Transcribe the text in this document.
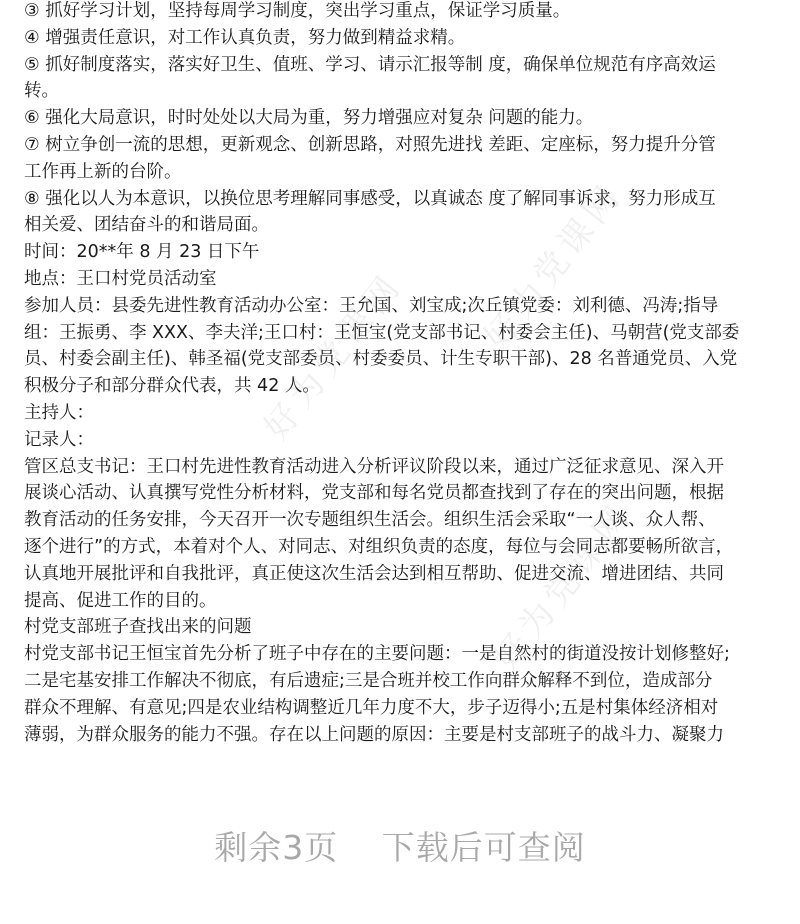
好为党课网 好为党课网
好为党课网
③ 抓好学习计划，坚持每周学习制度，突出学习重点，保证学习质量。
④ 增强责任意识，对工作认真负责，努力做到精益求精。
⑤ 抓好制度落实，落实好卫生、值班、学习、请示汇报等制 度，确保单位规范有序高效运
转。
⑥ 强化大局意识，时时处处以大局为重，努力增强应对复杂 问题的能力。
⑦ 树立争创一流的思想，更新观念、创新思路，对照先进找 差距、定座标，努力提升分管
工作再上新的台阶。
⑧ 强化以人为本意识，以换位思考理解同事感受，以真诚态 度了解同事诉求，努力形成互
相关爱、团结奋斗的和谐局面。
时间：20**年 8 月 23 日下午
地点：王口村党员活动室
参加人员：县委先进性教育活动办公室：王允国、刘宝成;次丘镇党委：刘利德、冯涛;指导
组：王振勇、李 XXX、李夫洋;王口村：王恒宝(党支部书记、村委会主任)、马朝营(党支部委
员、村委会副主任)、韩圣福(党支部委员、村委委员、计生专职干部)、28 名普通党员、入党
积极分子和部分群众代表，共 42 人。
主持人：
记录人：
管区总支书记：王口村先进性教育活动进入分析评议阶段以来，通过广泛征求意见、深入开
展谈心活动、认真撰写党性分析材料，党支部和每名党员都查找到了存在的突出问题，根据
教育活动的任务安排，今天召开一次专题组织生活会。组织生活会采取“一人谈、众人帮、
逐个进行”的方式，本着对个人、对同志、对组织负责的态度，每位与会同志都要畅所欲言，
认真地开展批评和自我批评，真正使这次生活会达到相互帮助、促进交流、增进团结、共同
提高、促进工作的目的。
村党支部班子查找出来的问题
村党支部书记王恒宝首先分析了班子中存在的主要问题：一是自然村的街道没按计划修整好;
二是宅基安排工作解决不彻底，有后遗症;三是合班并校工作向群众解释不到位，造成部分
群众不理解、有意见;四是农业结构调整近几年力度不大，步子迈得小;五是村集体经济相对
薄弱，为群众服务的能力不强。存在以上问题的原因：主要是村支部班子的战斗力、凝聚力
剩余3页 下载后可查阅
